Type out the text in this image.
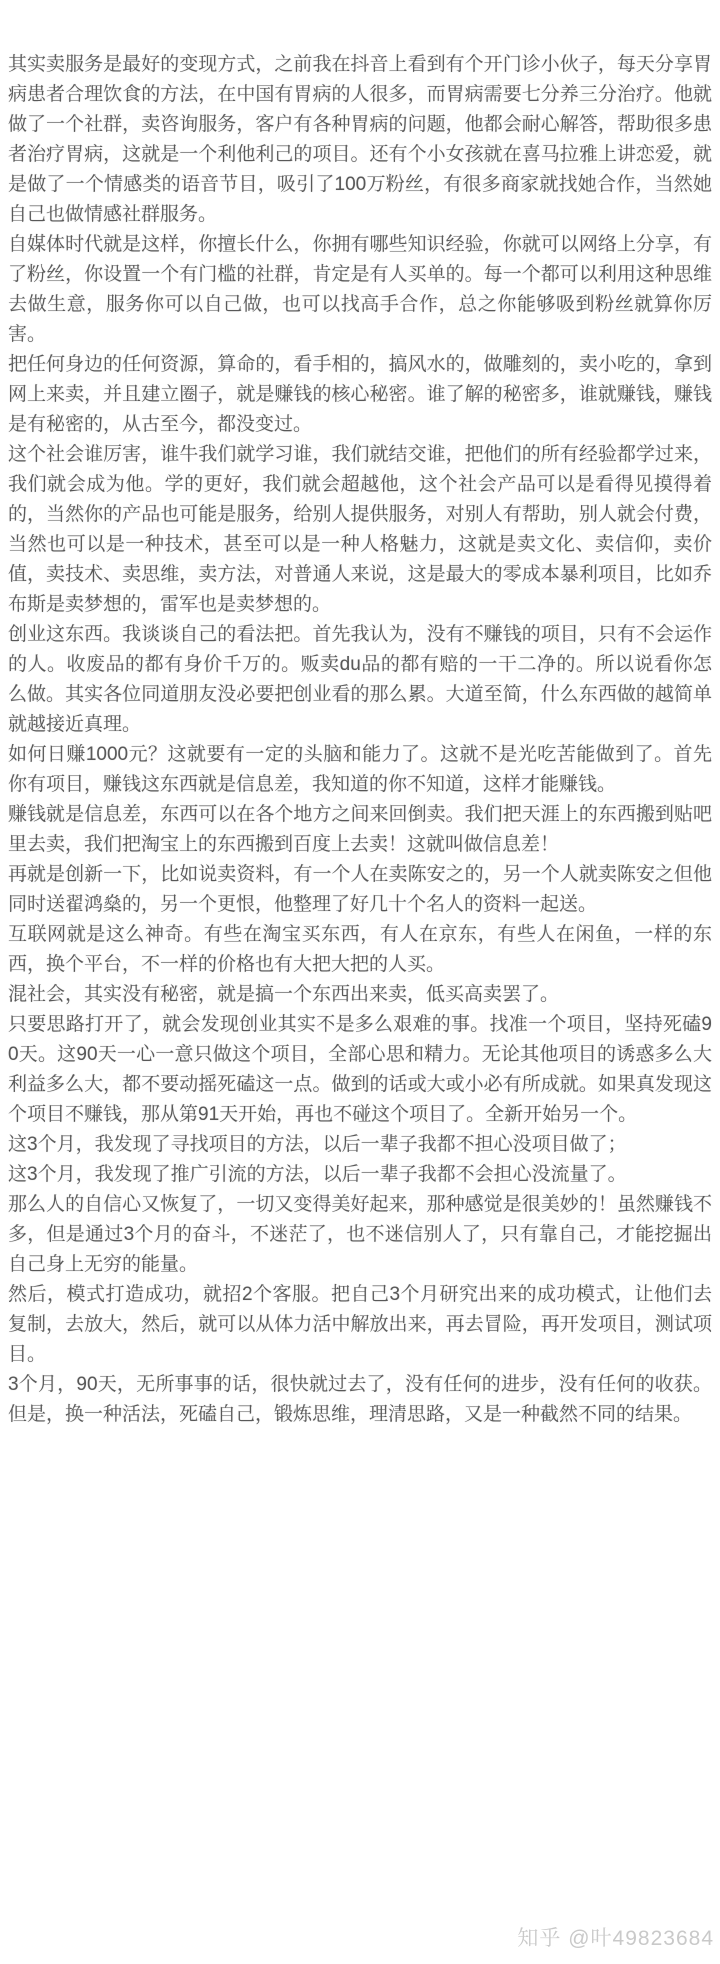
其实卖服务是最好的变现方式，之前我在抖音上看到有个开门诊小伙子，每天分享胃病患者合理饮食的方法，在中国有胃病的人很多，而胃病需要七分养三分治疗。他就做了一个社群，卖咨询服务，客户有各种胃病的问题，他都会耐心解答，帮助很多患者治疗胃病，这就是一个利他利己的项目。还有个小女孩就在喜马拉雅上讲恋爱，就是做了一个情感类的语音节目，吸引了100万粉丝，有很多商家就找她合作，当然她自己也做情感社群服务。

自媒体时代就是这样，你擅长什么，你拥有哪些知识经验，你就可以网络上分享，有了粉丝，你设置一个有门槛的社群，肯定是有人买单的。每一个都可以利用这种思维去做生意，服务你可以自己做，也可以找高手合作，总之你能够吸到粉丝就算你厉害。

把任何身边的任何资源，算命的，看手相的，搞风水的，做雕刻的，卖小吃的，拿到网上来卖，并且建立圈子，就是赚钱的核心秘密。谁了解的秘密多，谁就赚钱，赚钱是有秘密的，从古至今，都没变过。

这个社会谁厉害，谁牛我们就学习谁，我们就结交谁，把他们的所有经验都学过来，我们就会成为他。学的更好，我们就会超越他，这个社会产品可以是看得见摸得着的，当然你的产品也可能是服务，给别人提供服务，对别人有帮助，别人就会付费，当然也可以是一种技术，甚至可以是一种人格魅力，这就是卖文化、卖信仰，卖价值，卖技术、卖思维，卖方法，对普通人来说，这是最大的零成本暴利项目，比如乔布斯是卖梦想的，雷军也是卖梦想的。

创业这东西。我谈谈自己的看法把。首先我认为，没有不赚钱的项目，只有不会运作的人。收废品的都有身价千万的。贩卖du品的都有赔的一干二净的。所以说看你怎么做。其实各位同道朋友没必要把创业看的那么累。大道至简，什么东西做的越简单就越接近真理。

如何日赚1000元？这就要有一定的头脑和能力了。这就不是光吃苦能做到了。首先你有项目，赚钱这东西就是信息差，我知道的你不知道，这样才能赚钱。

赚钱就是信息差，东西可以在各个地方之间来回倒卖。我们把天涯上的东西搬到贴吧里去卖，我们把淘宝上的东西搬到百度上去卖！这就叫做信息差！

再就是创新一下，比如说卖资料，有一个人在卖陈安之的，另一个人就卖陈安之但他同时送翟鸿燊的，另一个更恨，他整理了好几十个名人的资料一起送。

互联网就是这么神奇。有些在淘宝买东西，有人在京东，有些人在闲鱼，一样的东西，换个平台，不一样的价格也有大把大把的人买。

混社会，其实没有秘密，就是搞一个东西出来卖，低买高卖罢了。

只要思路打开了，就会发现创业其实不是多么艰难的事。找准一个项目，坚持死磕90天。这90天一心一意只做这个项目，全部心思和精力。无论其他项目的诱惑多么大利益多么大，都不要动摇死磕这一点。做到的话或大或小必有所成就。如果真发现这个项目不赚钱，那从第91天开始，再也不碰这个项目了。全新开始另一个。

这3个月，我发现了寻找项目的方法，以后一辈子我都不担心没项目做了；

这3个月，我发现了推广引流的方法，以后一辈子我都不会担心没流量了。

那么人的自信心又恢复了，一切又变得美好起来，那种感觉是很美妙的！虽然赚钱不多，但是通过3个月的奋斗，不迷茫了，也不迷信别人了，只有靠自己，才能挖掘出自己身上无穷的能量。

然后，模式打造成功，就招2个客服。把自己3个月研究出来的成功模式，让他们去复制，去放大，然后，就可以从体力活中解放出来，再去冒险，再开发项目，测试项目。

3个月，90天，无所事事的话，很快就过去了，没有任何的进步，没有任何的收获。但是，换一种活法，死磕自己，锻炼思维，理清思路，又是一种截然不同的结果。

知乎 @叶49823684
